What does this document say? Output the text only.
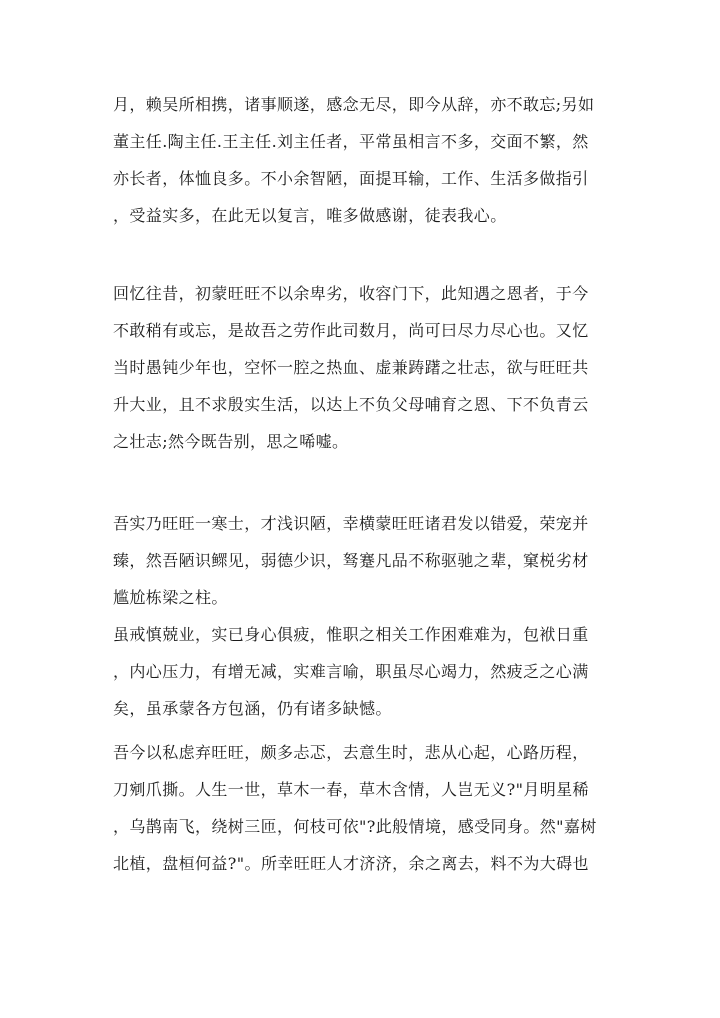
月，赖吴所相携，诸事顺遂，感念无尽，即今从辞，亦不敢忘;另如
董主任.陶主任.王主任.刘主任者，平常虽相言不多，交面不繁，然
亦长者，体恤良多。不小余智陋，面提耳输，工作、生活多做指引
，受益实多，在此无以复言，唯多做感谢，徒表我心。
回忆往昔，初蒙旺旺不以余卑劣，收容门下，此知遇之恩者，于今
不敢稍有或忘，是故吾之劳作此司数月，尚可曰尽力尽心也。又忆
当时愚钝少年也，空怀一腔之热血、虚兼踌躇之壮志，欲与旺旺共
升大业，且不求殷实生活，以达上不负父母哺育之恩、下不负青云
之壮志;然今既告别，思之唏嘘。
吾实乃旺旺一寒士，才浅识陋，幸横蒙旺旺诸君发以错爱，荣宠并
臻，然吾陋识鳏见，弱德少识，驽蹇凡品不称驱驰之辈，窠棁劣材
尴尬栋梁之柱。
虽戒慎兢业，实已身心俱疲，惟职之相关工作困难难为，包袱日重
，内心压力，有增无减，实难言喻，职虽尽心竭力，然疲乏之心满
矣，虽承蒙各方包涵，仍有诸多缺憾。
吾今以私虑弃旺旺，颇多忐忑，去意生时，悲从心起，心路历程，
刀剜爪撕。人生一世，草木一春，草木含情，人岂无义?"月明星稀
，乌鹊南飞，绕树三匝，何枝可依"?此般情境，感受同身。然"嘉树
北植，盘桓何益?"。所幸旺旺人才济济，余之离去，料不为大碍也
